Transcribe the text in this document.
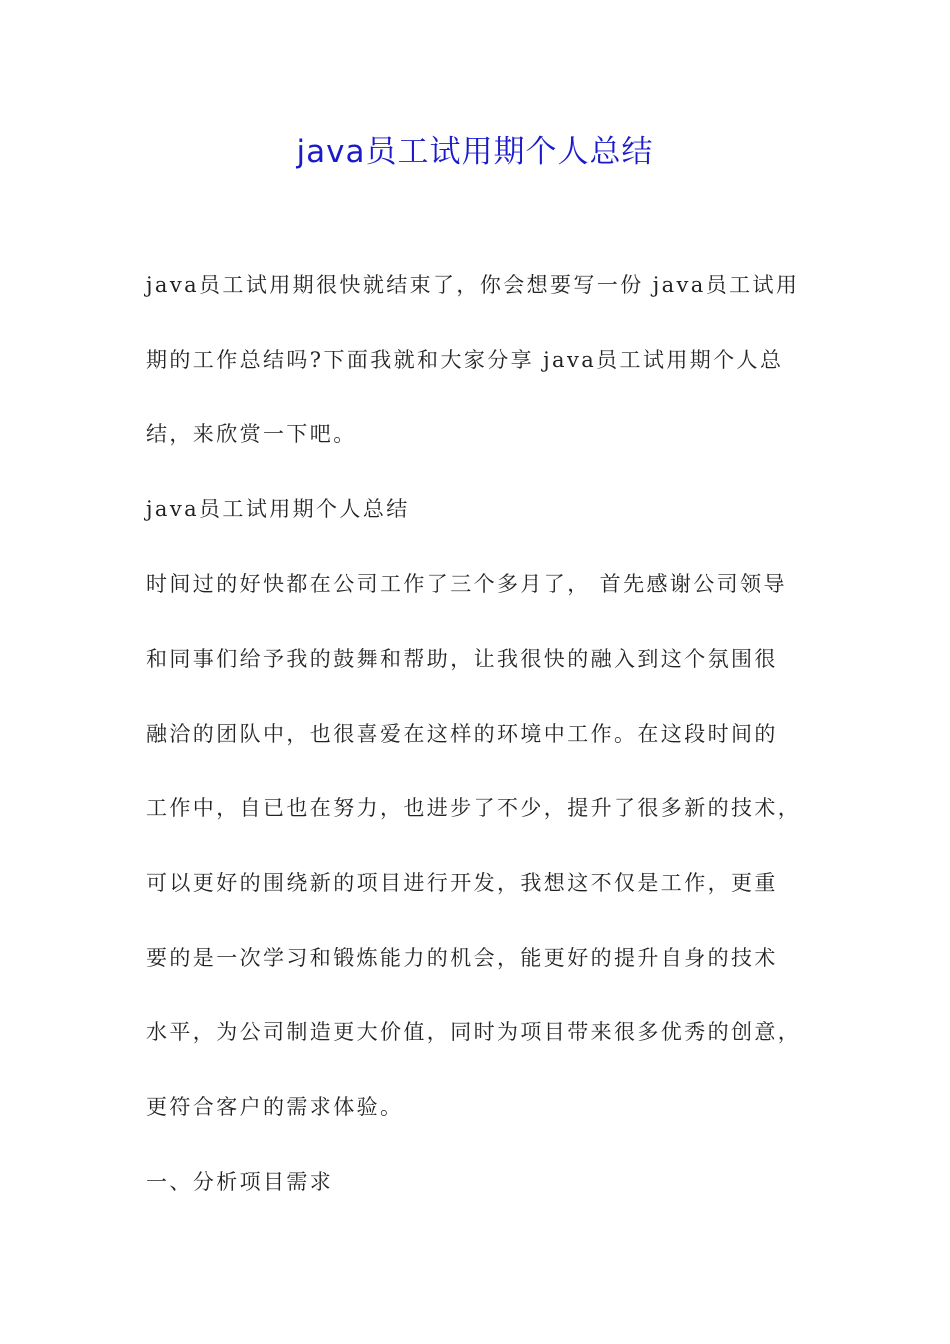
java员工试用期个人总结
java员工试用期很快就结束了，你会想要写一份 java员工试用
期的工作总结吗?下面我就和大家分享 java员工试用期个人总
结，来欣赏一下吧。
java员工试用期个人总结
时间过的好快都在公司工作了三个多月了， 首先感谢公司领导
和同事们给予我的鼓舞和帮助，让我很快的融入到这个氛围很
融洽的团队中，也很喜爱在这样的环境中工作。在这段时间的
工作中，自已也在努力，也进步了不少，提升了很多新的技术，
可以更好的围绕新的项目进行开发，我想这不仅是工作，更重
要的是一次学习和锻炼能力的机会，能更好的提升自身的技术
水平，为公司制造更大价值，同时为项目带来很多优秀的创意，
更符合客户的需求体验。
一、分析项目需求
